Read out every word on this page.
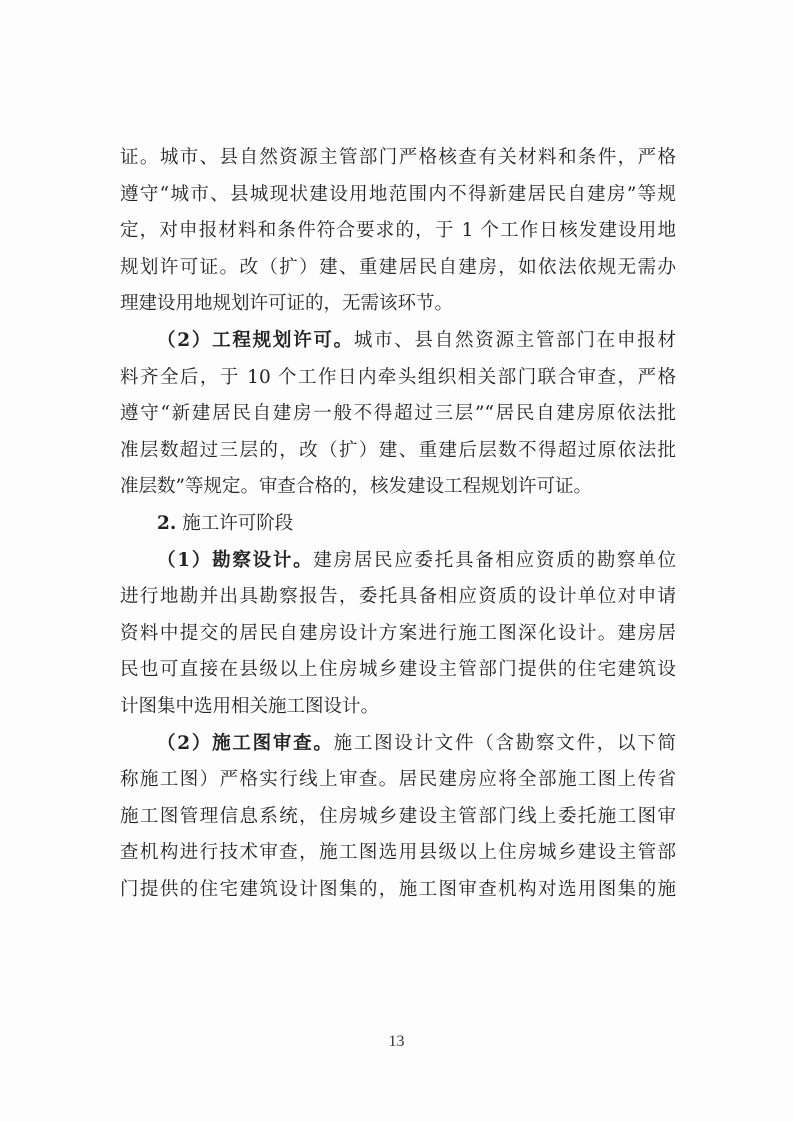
证。城市、县自然资源主管部门严格核查有关材料和条件，严格
遵守“城市、县城现状建设用地范围内不得新建居民自建房”等规
定，对申报材料和条件符合要求的，于 1 个工作日核发建设用地
规划许可证。改（扩）建、重建居民自建房，如依法依规无需办
理建设用地规划许可证的，无需该环节。
（2）工程规划许可。城市、县自然资源主管部门在申报材
料齐全后，于 10 个工作日内牵头组织相关部门联合审查，严格
遵守“新建居民自建房一般不得超过三层”“居民自建房原依法批
准层数超过三层的，改（扩）建、重建后层数不得超过原依法批
准层数”等规定。审查合格的，核发建设工程规划许可证。
2. 施工许可阶段
（1）勘察设计。建房居民应委托具备相应资质的勘察单位
进行地勘并出具勘察报告，委托具备相应资质的设计单位对申请
资料中提交的居民自建房设计方案进行施工图深化设计。建房居
民也可直接在县级以上住房城乡建设主管部门提供的住宅建筑设
计图集中选用相关施工图设计。
（2）施工图审查。施工图设计文件（含勘察文件，以下简
称施工图）严格实行线上审查。居民建房应将全部施工图上传省
施工图管理信息系统，住房城乡建设主管部门线上委托施工图审
查机构进行技术审查，施工图选用县级以上住房城乡建设主管部
门提供的住宅建筑设计图集的，施工图审查机构对选用图集的施
13
